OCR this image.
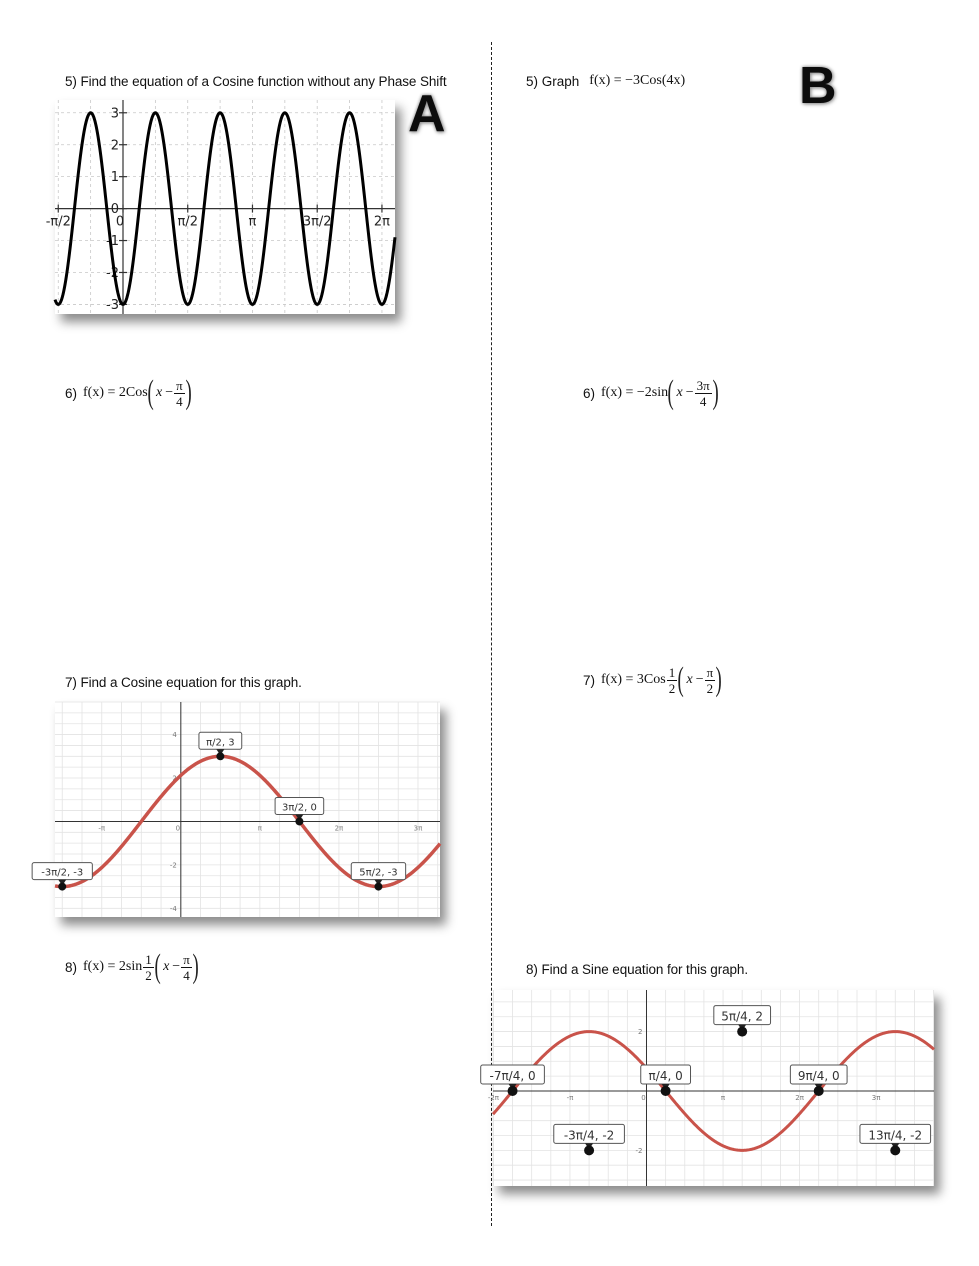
5) Find the equation of a Cosine function without any Phase Shift
A
-π/2	0	π/2	π	3π/2	2π
3
2
1
0
-1
-2
-3
6) f(x) = 2Cos ( $x - \frac{\pi}{4}$ )
7) Find a Cosine equation for this graph.
-π	0	π	2π	3π
4
2
-2
-4
π/2, 3
3π/2, 0
-3π/2, -3	5π/2, -3
8) $f(x) = 2\sin \frac{1}{2}$ ( $x - \frac{\pi}{4}$ )
B
5) Graph f(x) = −3Cos(4x)
6) f(x) = −2sin ( $x - \frac{3\pi}{4}$ )
7) $f(x) = 3Cos \frac{1}{2}$ ( $x - \frac{\pi}{2}$ )
8) Find a Sine equation for this graph.
-2π	-π	0	π	2π	3π
2
-2
-7π/4, 0	π/4, 0
5π/4, 2
9π/4, 0
-3π/4, -2	13π/4, -2
